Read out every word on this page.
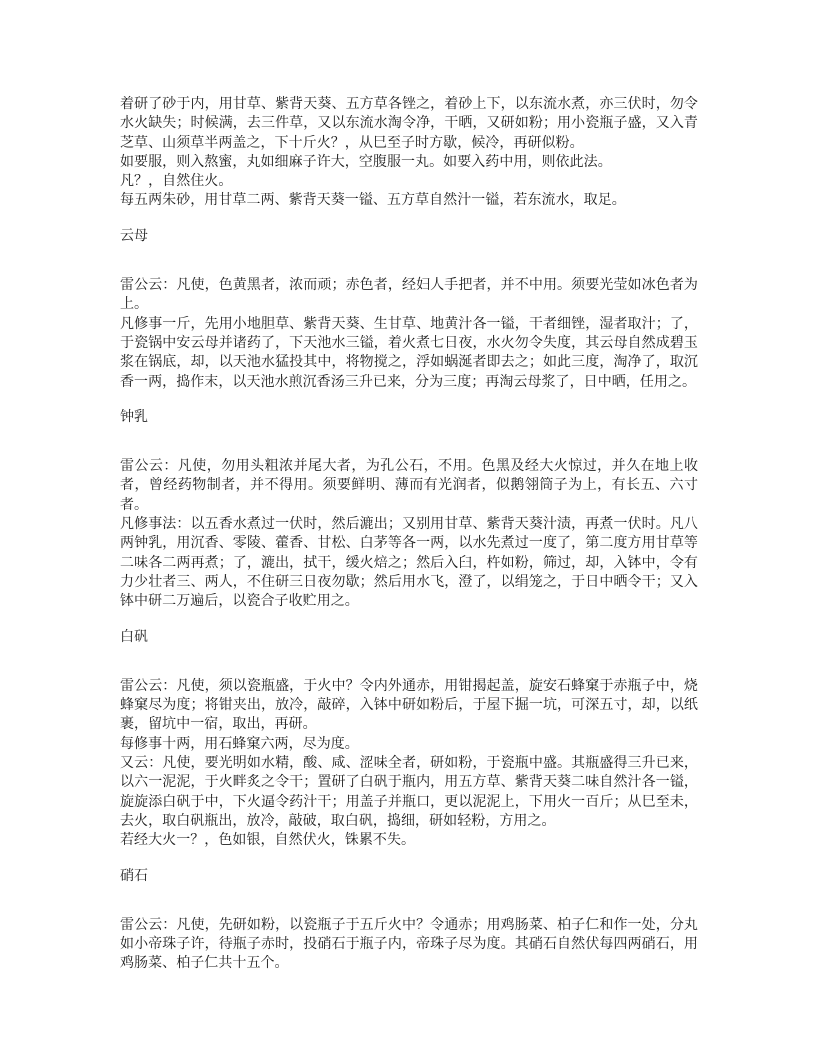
着研了砂于内，用甘草、紫背天葵、五方草各锉之，着砂上下，以东流水煮，亦三伏时，勿令水火缺失；时候满，去三件草，又以东流水淘令净，干晒，又研如粉；用小瓷瓶子盛，又入青芝草、山须草半两盖之，下十斤火？，从巳至子时方歇，候冷，再研似粉。

如要服，则入熬蜜，丸如细麻子许大，空腹服一丸。如要入药中用，则依此法。

凡？，自然住火。

每五两朱砂，用甘草二两、紫背天葵一镒、五方草自然汁一镒，若东流水，取足。

云母

雷公云：凡使，色黄黑者，浓而顽；赤色者，经妇人手把者，并不中用。须要光莹如冰色者为上。

凡修事一斤，先用小地胆草、紫背天葵、生甘草、地黄汁各一镒，干者细锉，湿者取汁；了，于瓷锅中安云母并诸药了，下天池水三镒，着火煮七日夜，水火勿令失度，其云母自然成碧玉浆在锅底，却，以天池水猛投其中，将物搅之，浮如蜗涎者即去之；如此三度，淘净了，取沉香一两，捣作末，以天池水煎沉香汤三升已来，分为三度；再淘云母浆了，日中晒，任用之。

钟乳

雷公云：凡使，勿用头粗浓并尾大者，为孔公石，不用。色黑及经大火惊过，并久在地上收者，曾经药物制者，并不得用。须要鲜明、薄而有光润者，似鹅翎筒子为上，有长五、六寸者。

凡修事法：以五香水煮过一伏时，然后漉出；又别用甘草、紫背天葵汁渍，再煮一伏时。凡八两钟乳，用沉香、零陵、藿香、甘松、白茅等各一两，以水先煮过一度了，第二度方用甘草等二味各二两再煮；了，漉出，拭干，缓火焙之；然后入臼，杵如粉，筛过，却，入钵中，令有力少壮者三、两人，不住研三日夜勿歇；然后用水飞，澄了，以绢笼之，于日中晒令干；又入钵中研二万遍后，以瓷合子收贮用之。

白矾

雷公云：凡使，须以瓷瓶盛，于火中？令内外通赤，用钳揭起盖，旋安石蜂窠于赤瓶子中，烧蜂窠尽为度；将钳夹出，放冷，敲碎，入钵中研如粉后，于屋下掘一坑，可深五寸，却，以纸裹，留坑中一宿，取出，再研。

每修事十两，用石蜂窠六两，尽为度。

又云：凡使，要光明如水精，酸、咸、涩味全者，研如粉，于瓷瓶中盛。其瓶盛得三升已来，以六一泥泥，于火畔炙之令干；置研了白矾于瓶内，用五方草、紫背天葵二味自然汁各一镒，旋旋添白矾于中，下火逼令药汁干；用盖子并瓶口，更以泥泥上，下用火一百斤；从巳至未，去火，取白矾瓶出，放冷，敲破，取白矾，捣细，研如轻粉，方用之。

若经大火一？，色如银，自然伏火，铢累不失。

硝石

雷公云：凡使，先研如粉，以瓷瓶子于五斤火中？令通赤；用鸡肠菜、柏子仁和作一处，分丸如小帝珠子许，待瓶子赤时，投硝石于瓶子内，帝珠子尽为度。其硝石自然伏每四两硝石，用鸡肠菜、柏子仁共十五个。
